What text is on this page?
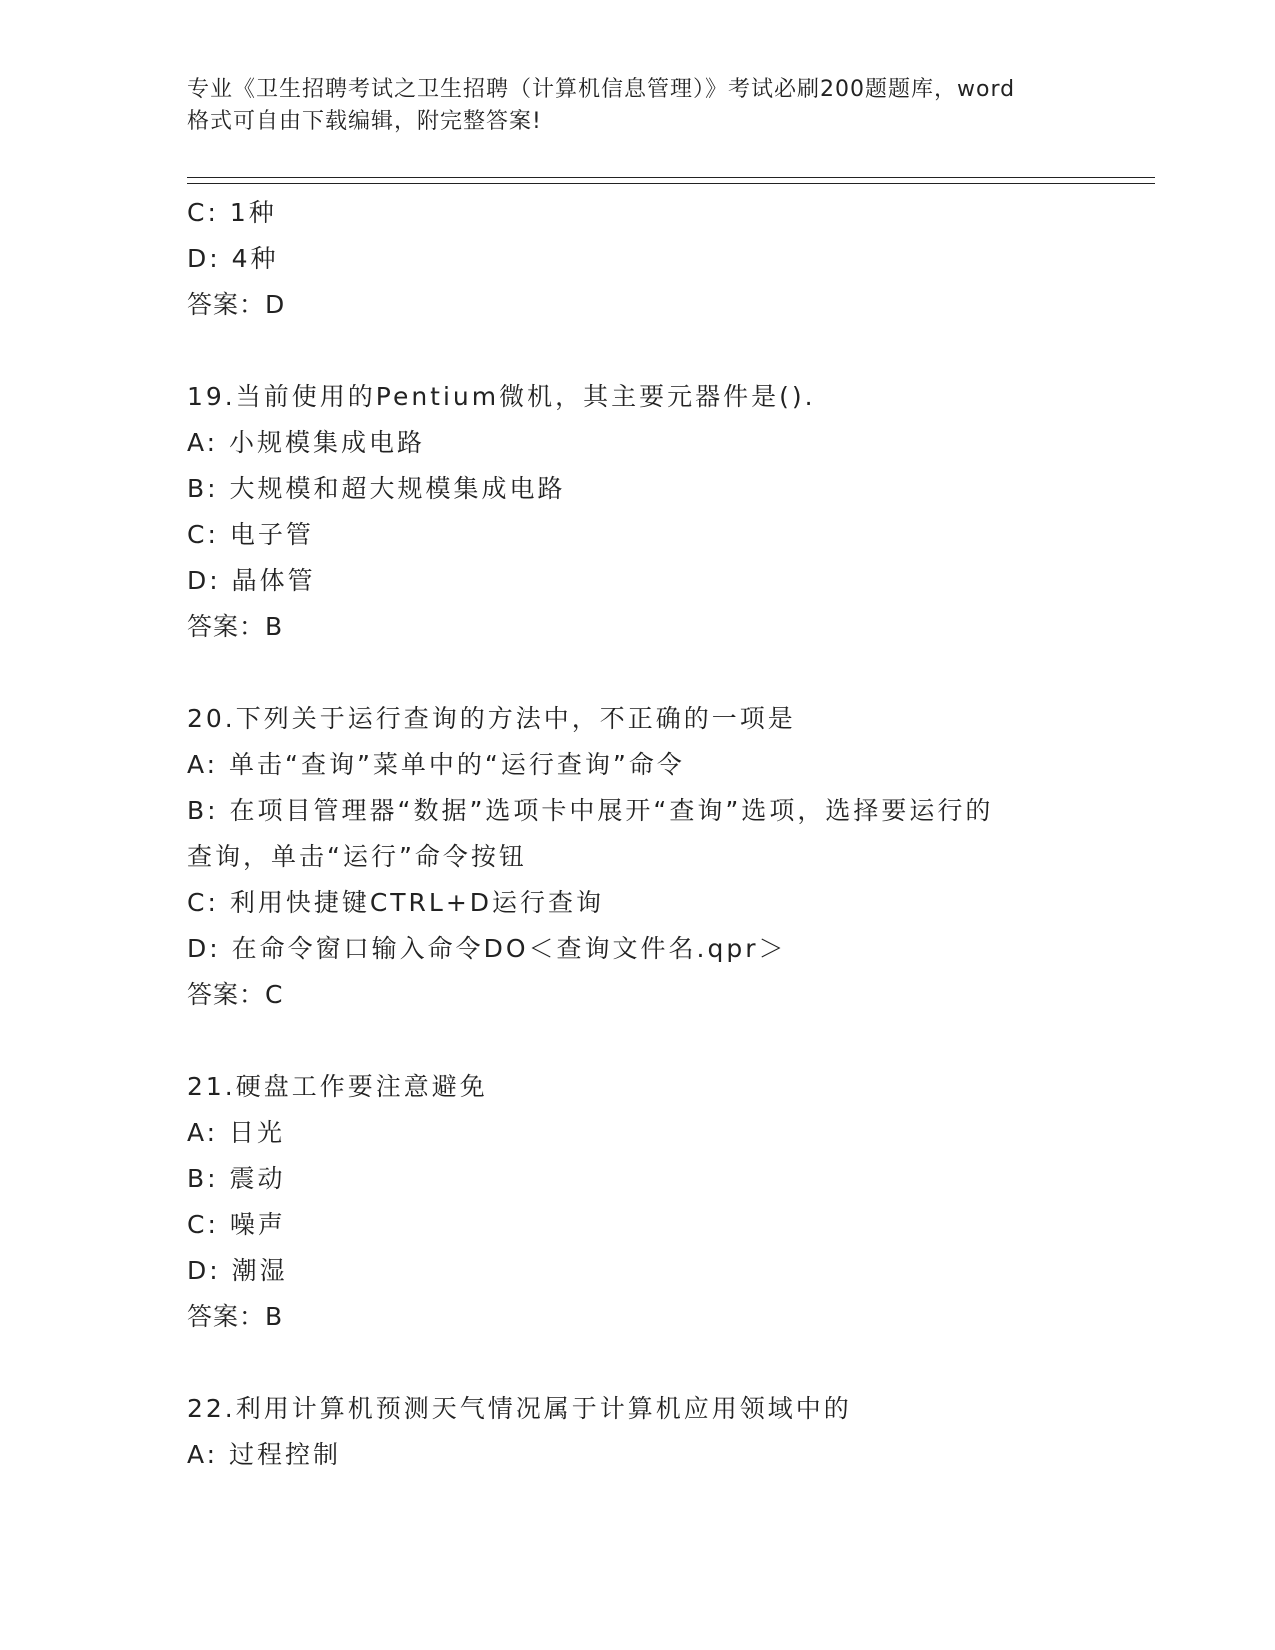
专业《卫生招聘考试之卫生招聘（计算机信息管理）》考试必刷200题题库，word
格式可自由下载编辑，附完整答案!
C: 1种
D: 4种
答案：D
19.当前使用的Pentium微机，其主要元器件是().
A: 小规模集成电路
B: 大规模和超大规模集成电路
C: 电子管
D: 晶体管
答案：B
20.下列关于运行查询的方法中，不正确的一项是
A: 单击“查询”菜单中的“运行查询”命令
B: 在项目管理器“数据”选项卡中展开“查询”选项，选择要运行的
查询，单击“运行”命令按钮
C: 利用快捷键CTRL+D运行查询
D: 在命令窗口输入命令DO＜查询文件名.qpr＞
答案：C
21.硬盘工作要注意避免
A: 日光
B: 震动
C: 噪声
D: 潮湿
答案：B
22.利用计算机预测天气情况属于计算机应用领域中的
A: 过程控制
